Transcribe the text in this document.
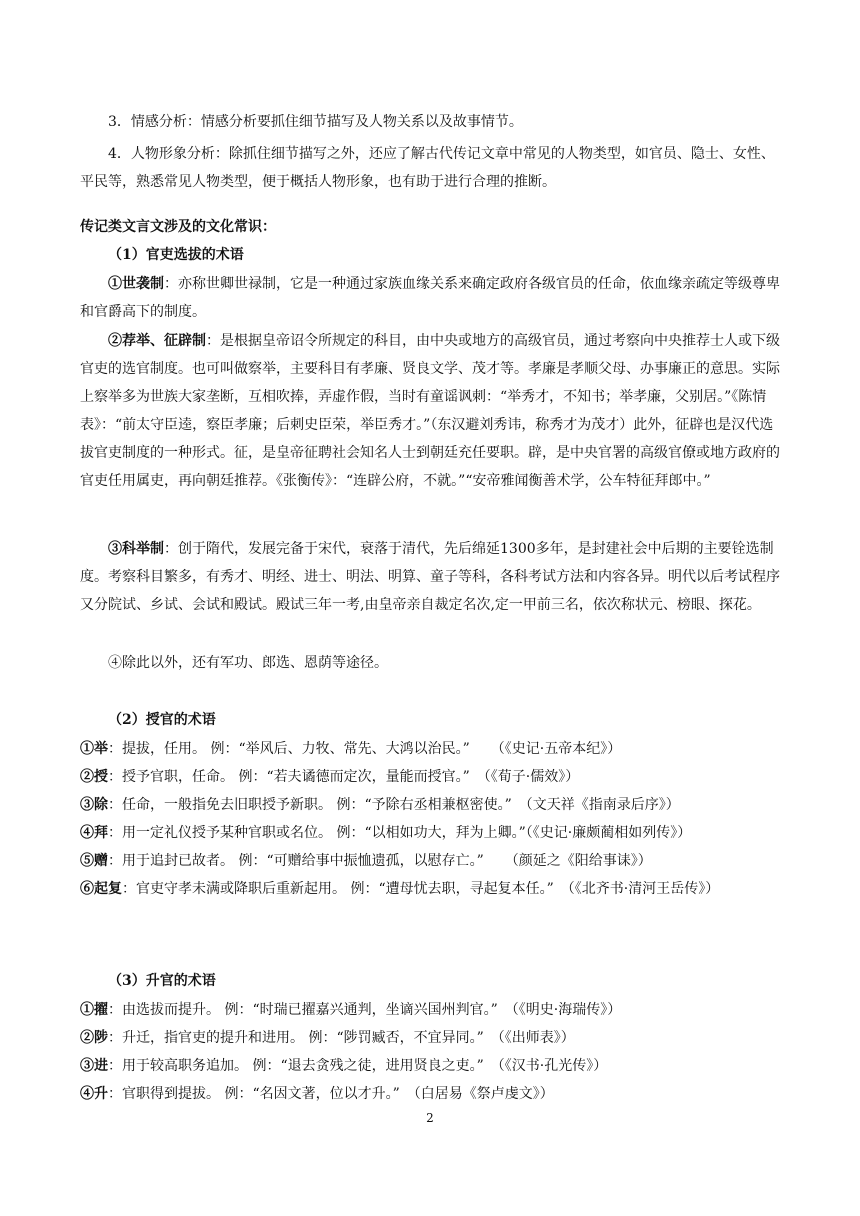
3．情感分析：情感分析要抓住细节描写及人物关系以及故事情节。

4．人物形象分析：除抓住细节描写之外，还应了解古代传记文章中常见的人物类型，如官员、隐士、女性、平民等，熟悉常见人物类型，便于概括人物形象，也有助于进行合理的推断。

传记类文言文涉及的文化常识：

（1）官吏选拔的术语

①世袭制：亦称世卿世禄制，它是一种通过家族血缘关系来确定政府各级官员的任命，依血缘亲疏定等级尊卑和官爵高下的制度。

②荐举、征辟制：是根据皇帝诏令所规定的科目，由中央或地方的高级官员，通过考察向中央推荐士人或下级官吏的选官制度。也可叫做察举，主要科目有孝廉、贤良文学、茂才等。孝廉是孝顺父母、办事廉正的意思。实际上察举多为世族大家垄断，互相吹捧，弄虚作假，当时有童谣讽刺：“举秀才，不知书；举孝廉，父别居。”《陈情表》：“前太守臣逵，察臣孝廉；后刺史臣荣，举臣秀才。”（东汉避刘秀讳，称秀才为茂才）此外，征辟也是汉代选拔官吏制度的一种形式。征，是皇帝征聘社会知名人士到朝廷充任要职。辟，是中央官署的高级官僚或地方政府的官吏任用属吏，再向朝廷推荐。《张衡传》：“连辟公府，不就。”“安帝雅闻衡善术学，公车特征拜郎中。”

③科举制：创于隋代，发展完备于宋代，衰落于清代，先后绵延1300多年，是封建社会中后期的主要铨选制度。考察科目繁多，有秀才、明经、进士、明法、明算、童子等科，各科考试方法和内容各异。明代以后考试程序又分院试、乡试、会试和殿试。殿试三年一考,由皇帝亲自裁定名次,定一甲前三名，依次称状元、榜眼、探花。

④除此以外，还有军功、郎选、恩荫等途径。

（2）授官的术语

①举：提拔，任用。 例：“举风后、力牧、常先、大鸿以治民。”　　（《史记·五帝本纪》）

②授：授予官职，任命。 例：“若夫谲德而定次，量能而授官。”　（《荀子·儒效》）

③除：任命，一般指免去旧职授予新职。 例：“予除右丞相兼枢密使。”　（文天祥《指南录后序》）

④拜：用一定礼仪授予某种官职或名位。 例：“以相如功大，拜为上卿。”（《史记·廉颇蔺相如列传》）

⑤赠：用于追封已故者。 例：“可赠给事中振恤遗孤，以慰存亡。”　　（颜延之《阳给事诔》）

⑥起复：官吏守孝未满或降职后重新起用。 例：“遭母忧去职，寻起复本任。”　（《北齐书·清河王岳传》）

（3）升官的术语

①擢：由选拔而提升。 例：“时瑞已擢嘉兴通判，坐谪兴国州判官。”　（《明史·海瑞传》）

②陟：升迁，指官吏的提升和进用。 例：“陟罚臧否，不宜异同。”　（《出师表》）

③进：用于较高职务追加。 例：“退去贪残之徒，进用贤良之吏。”　（《汉书·孔光传》）

④升：官职得到提拔。 例：“名因文著，位以才升。”　（白居易《祭卢虔文》）

2
